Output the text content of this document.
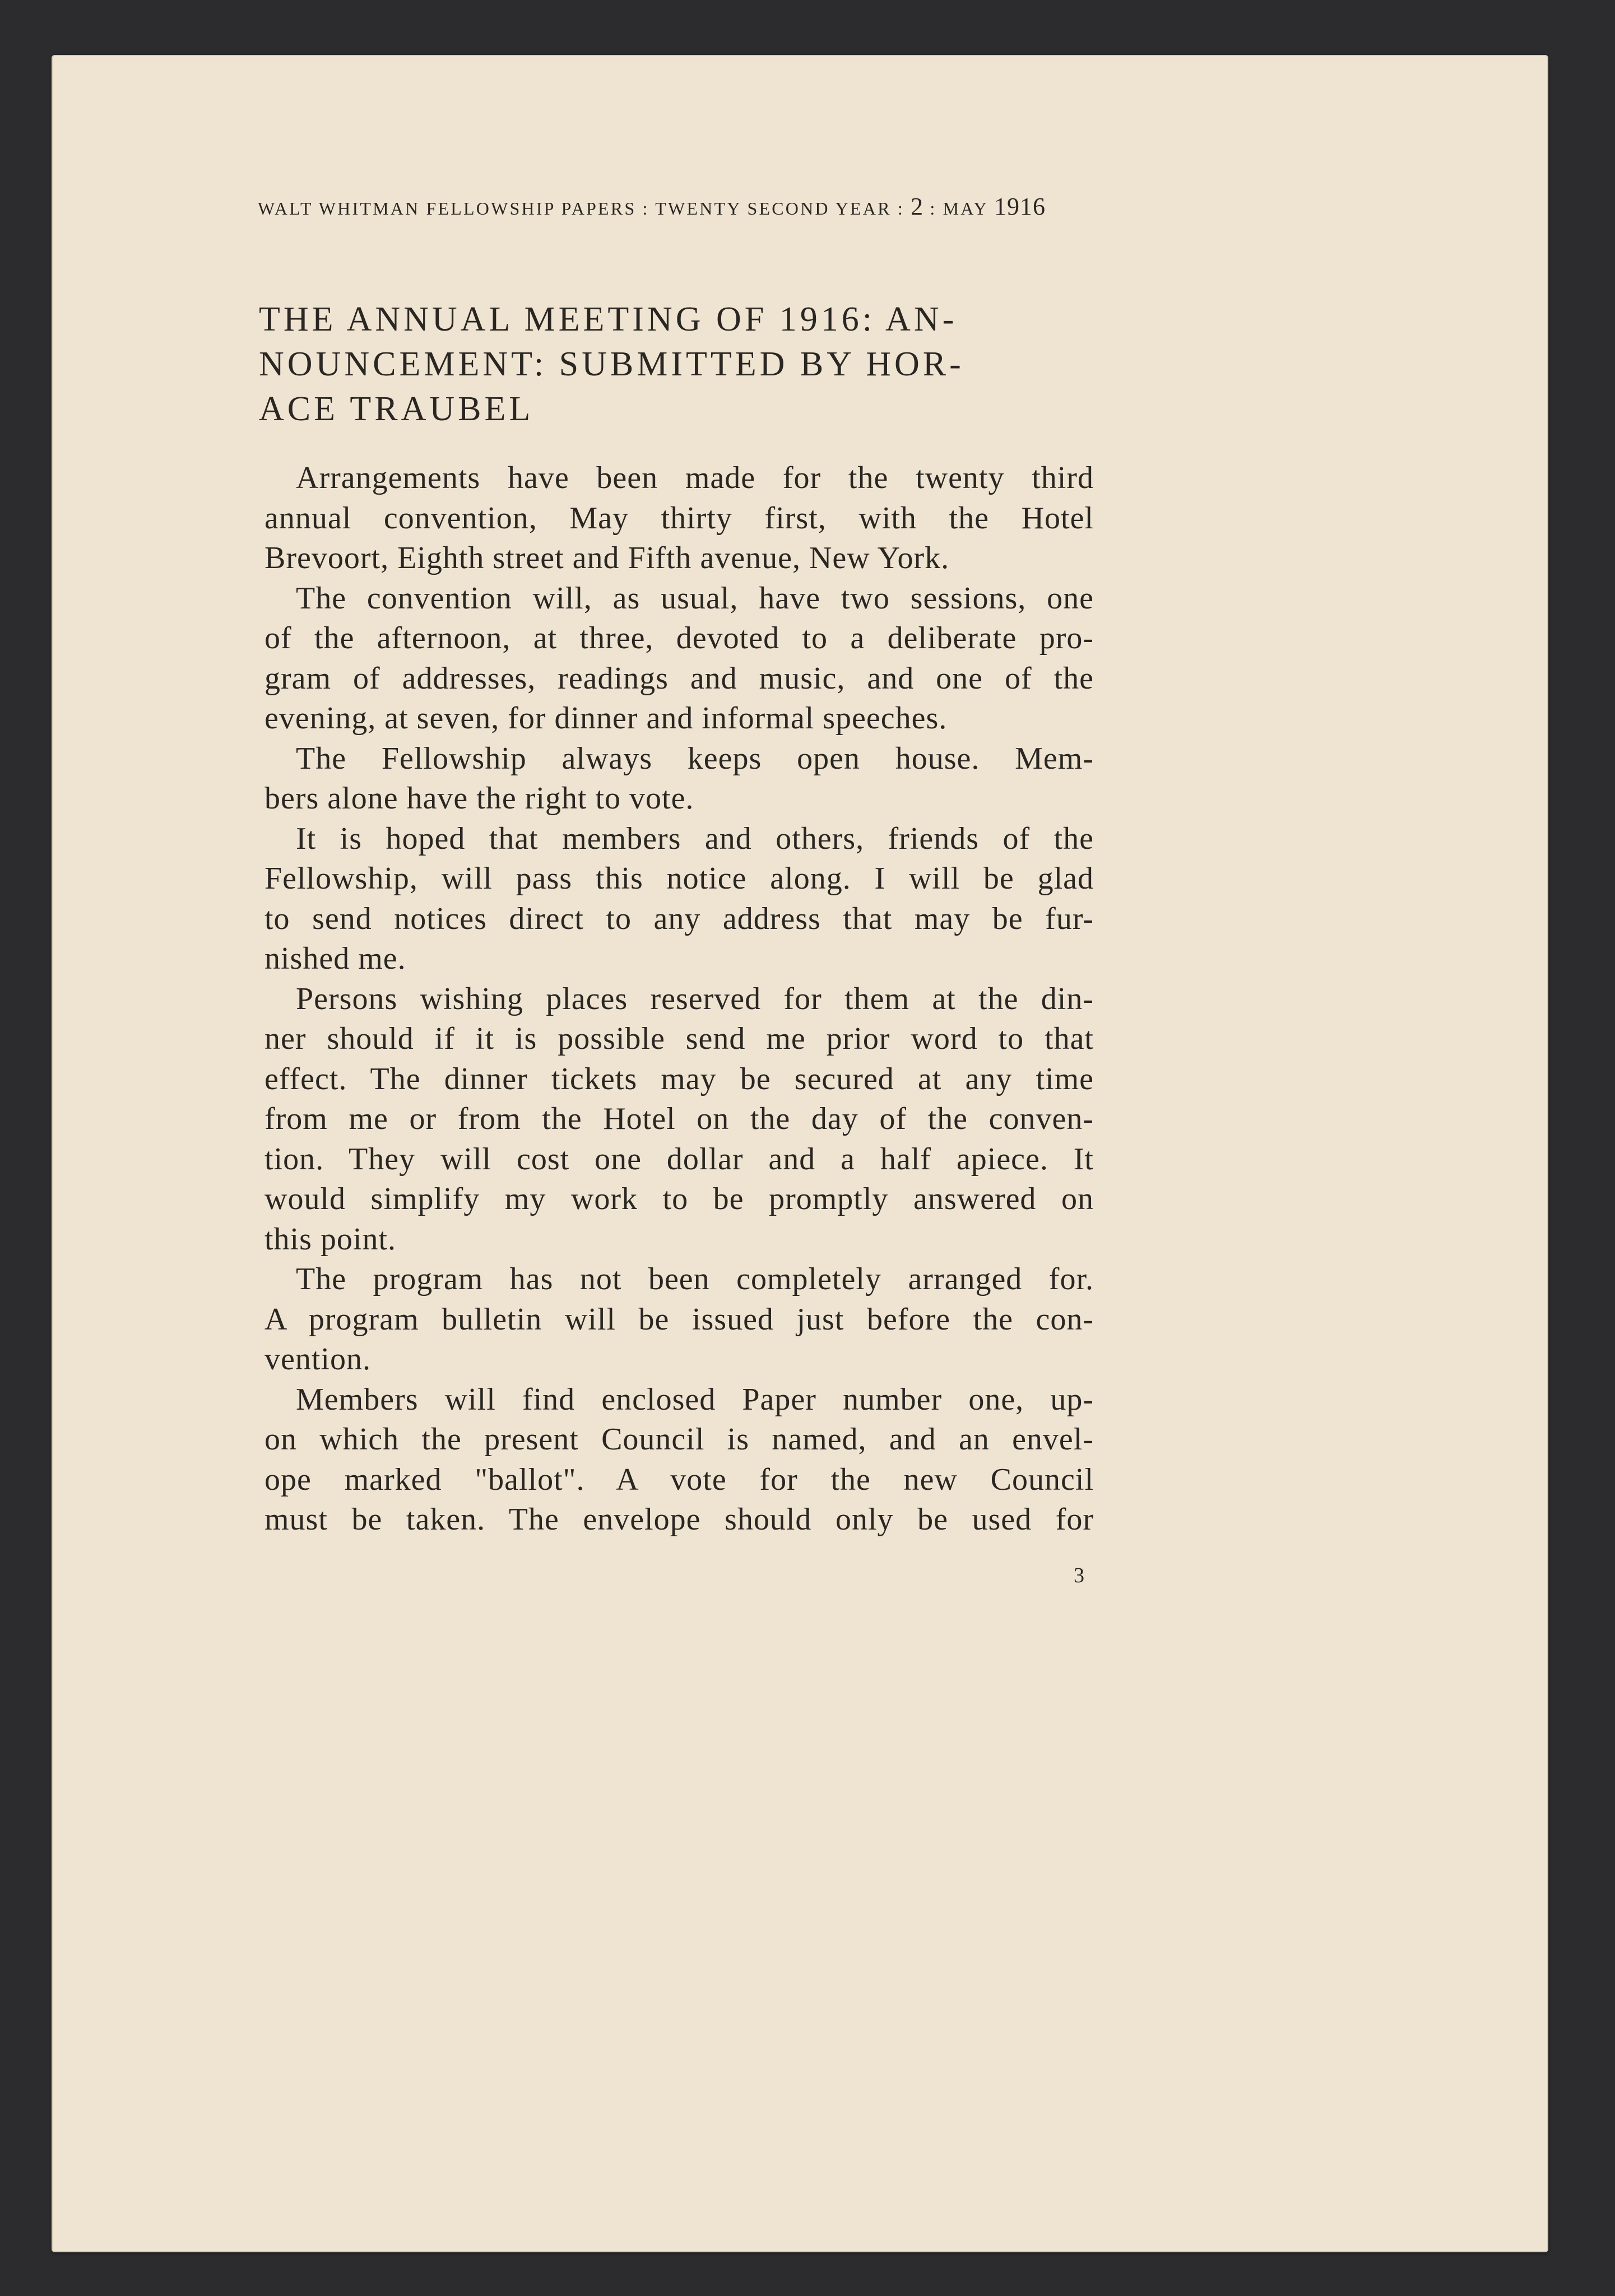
WALT WHITMAN FELLOWSHIP PAPERS : TWENTY SECOND YEAR : 2 : MAY 1916
THE ANNUAL MEETING OF 1916: AN-
NOUNCEMENT: SUBMITTED BY HOR-
ACE TRAUBEL
Arrangements have been made for the twenty third
annual convention, May thirty first, with the Hotel
Brevoort, Eighth street and Fifth avenue, New York.
The convention will, as usual, have two sessions, one
of the afternoon, at three, devoted to a deliberate pro-
gram of addresses, readings and music, and one of the
evening, at seven, for dinner and informal speeches.
The Fellowship always keeps open house. Mem-
bers alone have the right to vote.
It is hoped that members and others, friends of the
Fellowship, will pass this notice along. I will be glad
to send notices direct to any address that may be fur-
nished me.
Persons wishing places reserved for them at the din-
ner should if it is possible send me prior word to that
effect. The dinner tickets may be secured at any time
from me or from the Hotel on the day of the conven-
tion. They will cost one dollar and a half apiece. It
would simplify my work to be promptly answered on
this point.
The program has not been completely arranged for.
A program bulletin will be issued just before the con-
vention.
Members will find enclosed Paper number one, up-
on which the present Council is named, and an envel-
ope marked "ballot". A vote for the new Council
must be taken. The envelope should only be used for
3
